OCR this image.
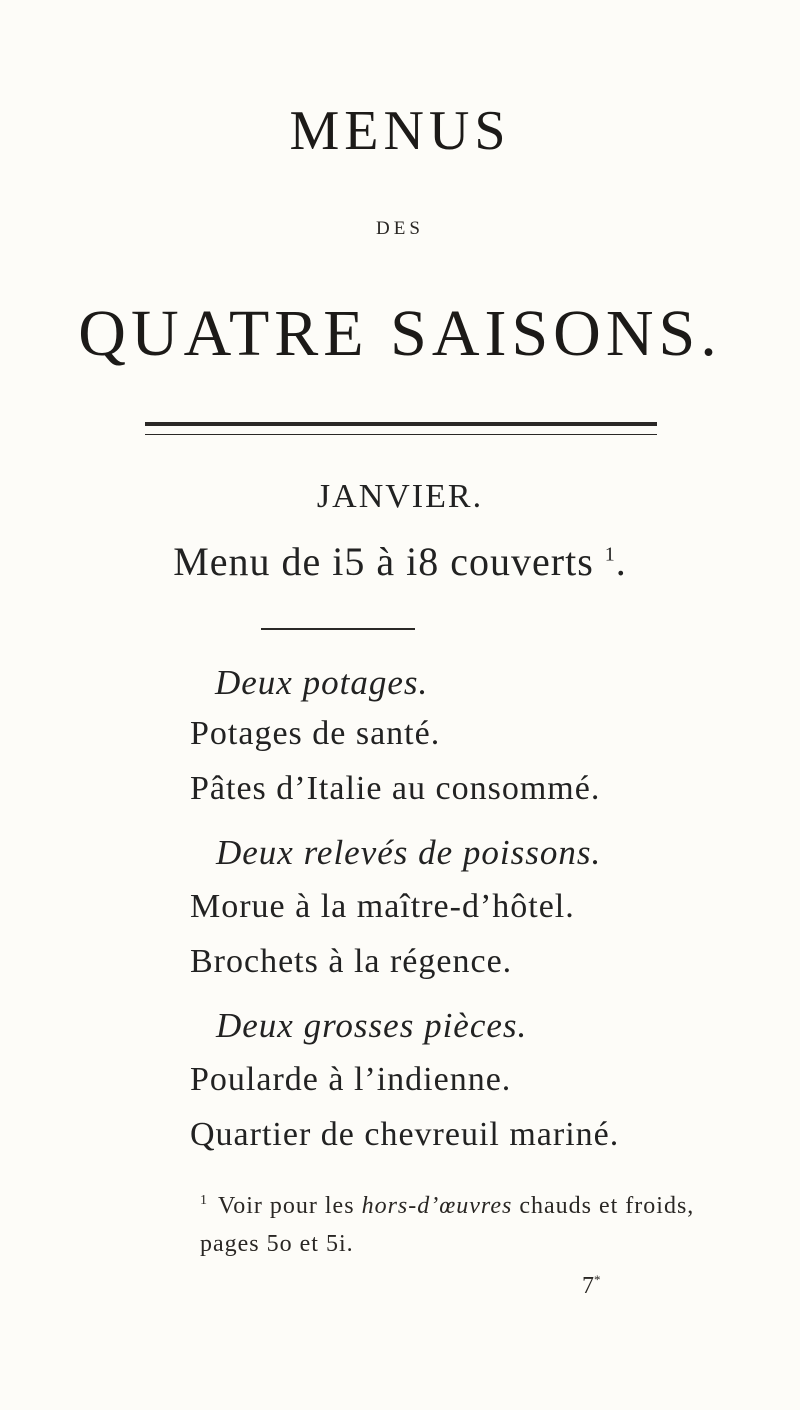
MENUS
DES
QUATRE SAISONS.
JANVIER.
Menu de i5 à i8 couverts $^1$.
Deux potages.
Potages de santé.
Pâtes d’Italie au consommé.
Deux relevés de poissons.
Morue à la maître-d’hôtel.
Brochets à la régence.
Deux grosses pièces.
Poularde à l’indienne.
Quartier de chevreuil mariné.
$^1$ Voir pour les hors-d’œuvres chauds et froids,
pages 5o et 5i.
7*
